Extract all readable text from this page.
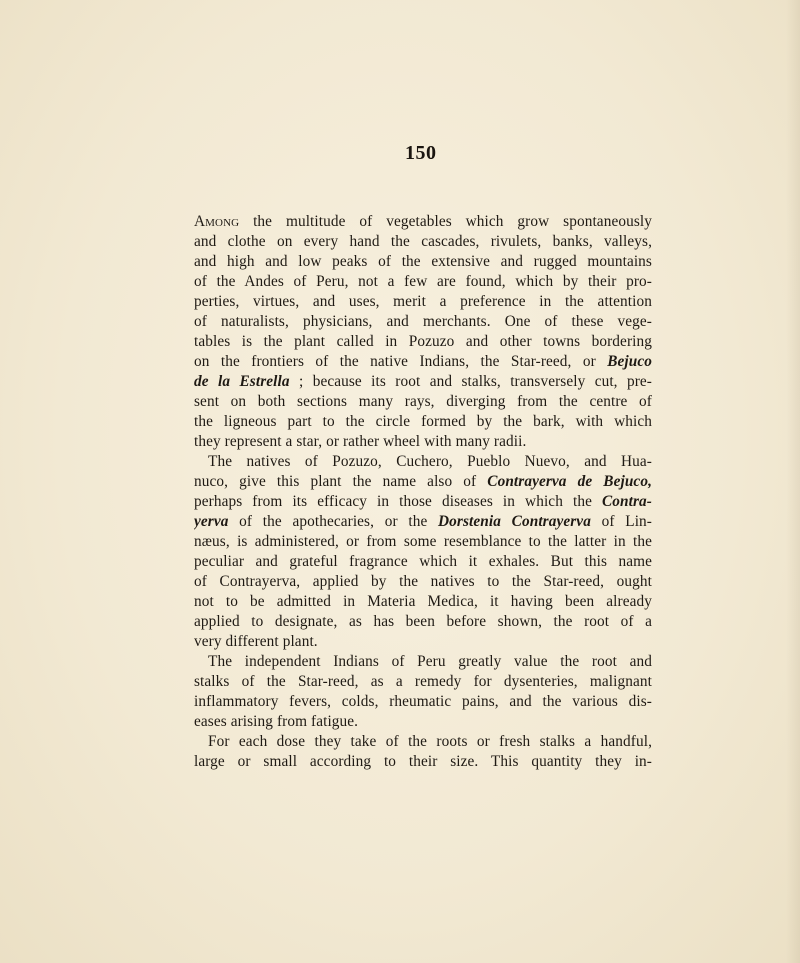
150
Among the multitude of vegetables which grow spontaneously
and clothe on every hand the cascades, rivulets, banks, valleys,
and high and low peaks of the extensive and rugged mountains
of the Andes of Peru, not a few are found, which by their pro-
perties, virtues, and uses, merit a preference in the attention
of naturalists, physicians, and merchants. One of these vege-
tables is the plant called in Pozuzo and other towns bordering
on the frontiers of the native Indians, the Star-reed, or Bejuco
de la Estrella ; because its root and stalks, transversely cut, pre-
sent on both sections many rays, diverging from the centre of
the ligneous part to the circle formed by the bark, with which
they represent a star, or rather wheel with many radii.
The natives of Pozuzo, Cuchero, Pueblo Nuevo, and Hua-
nuco, give this plant the name also of Contrayerva de Bejuco,
perhaps from its efficacy in those diseases in which the Contra-
yerva of the apothecaries, or the Dorstenia Contrayerva of Lin-
næus, is administered, or from some resemblance to the latter in the
peculiar and grateful fragrance which it exhales. But this name
of Contrayerva, applied by the natives to the Star-reed, ought
not to be admitted in Materia Medica, it having been already
applied to designate, as has been before shown, the root of a
very different plant.
The independent Indians of Peru greatly value the root and
stalks of the Star-reed, as a remedy for dysenteries, malignant
inflammatory fevers, colds, rheumatic pains, and the various dis-
eases arising from fatigue.
For each dose they take of the roots or fresh stalks a handful,
large or small according to their size. This quantity they in-
